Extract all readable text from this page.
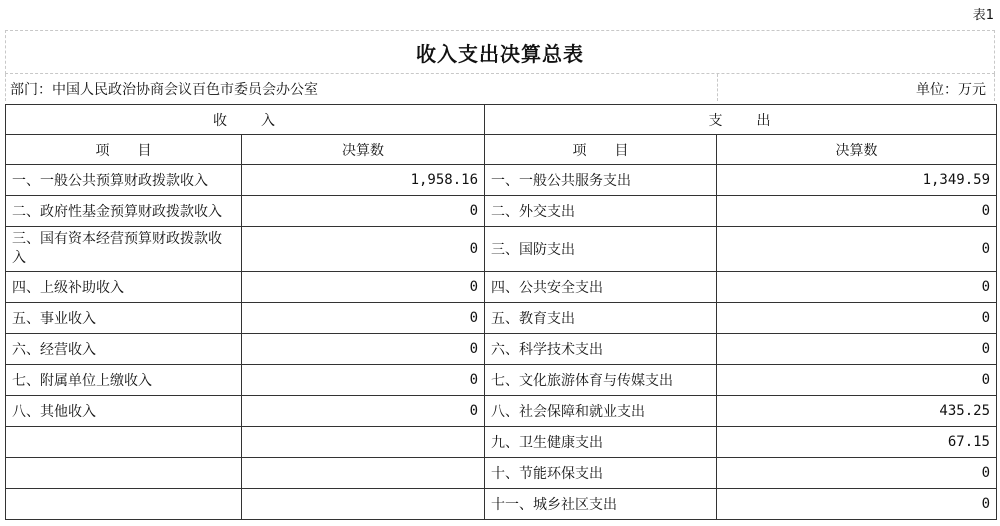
表1
收入支出决算总表
部门：中国人民政治协商会议百色市委员会办公室	单位：万元
收　　入		支　　出	
项　　目	决算数	项　　目	决算数
一、一般公共预算财政拨款收入	1,958.16	一、一般公共服务支出	1,349.59
二、政府性基金预算财政拨款收入	0	二、外交支出	0
三、国有资本经营预算财政拨款收入	0	三、国防支出	0
四、上级补助收入	0	四、公共安全支出	0
五、事业收入	0	五、教育支出	0
六、经营收入	0	六、科学技术支出	0
七、附属单位上缴收入	0	七、文化旅游体育与传媒支出	0
八、其他收入	0	八、社会保障和就业支出	435.25
		九、卫生健康支出	67.15
		十、节能环保支出	0
		十一、城乡社区支出	0
